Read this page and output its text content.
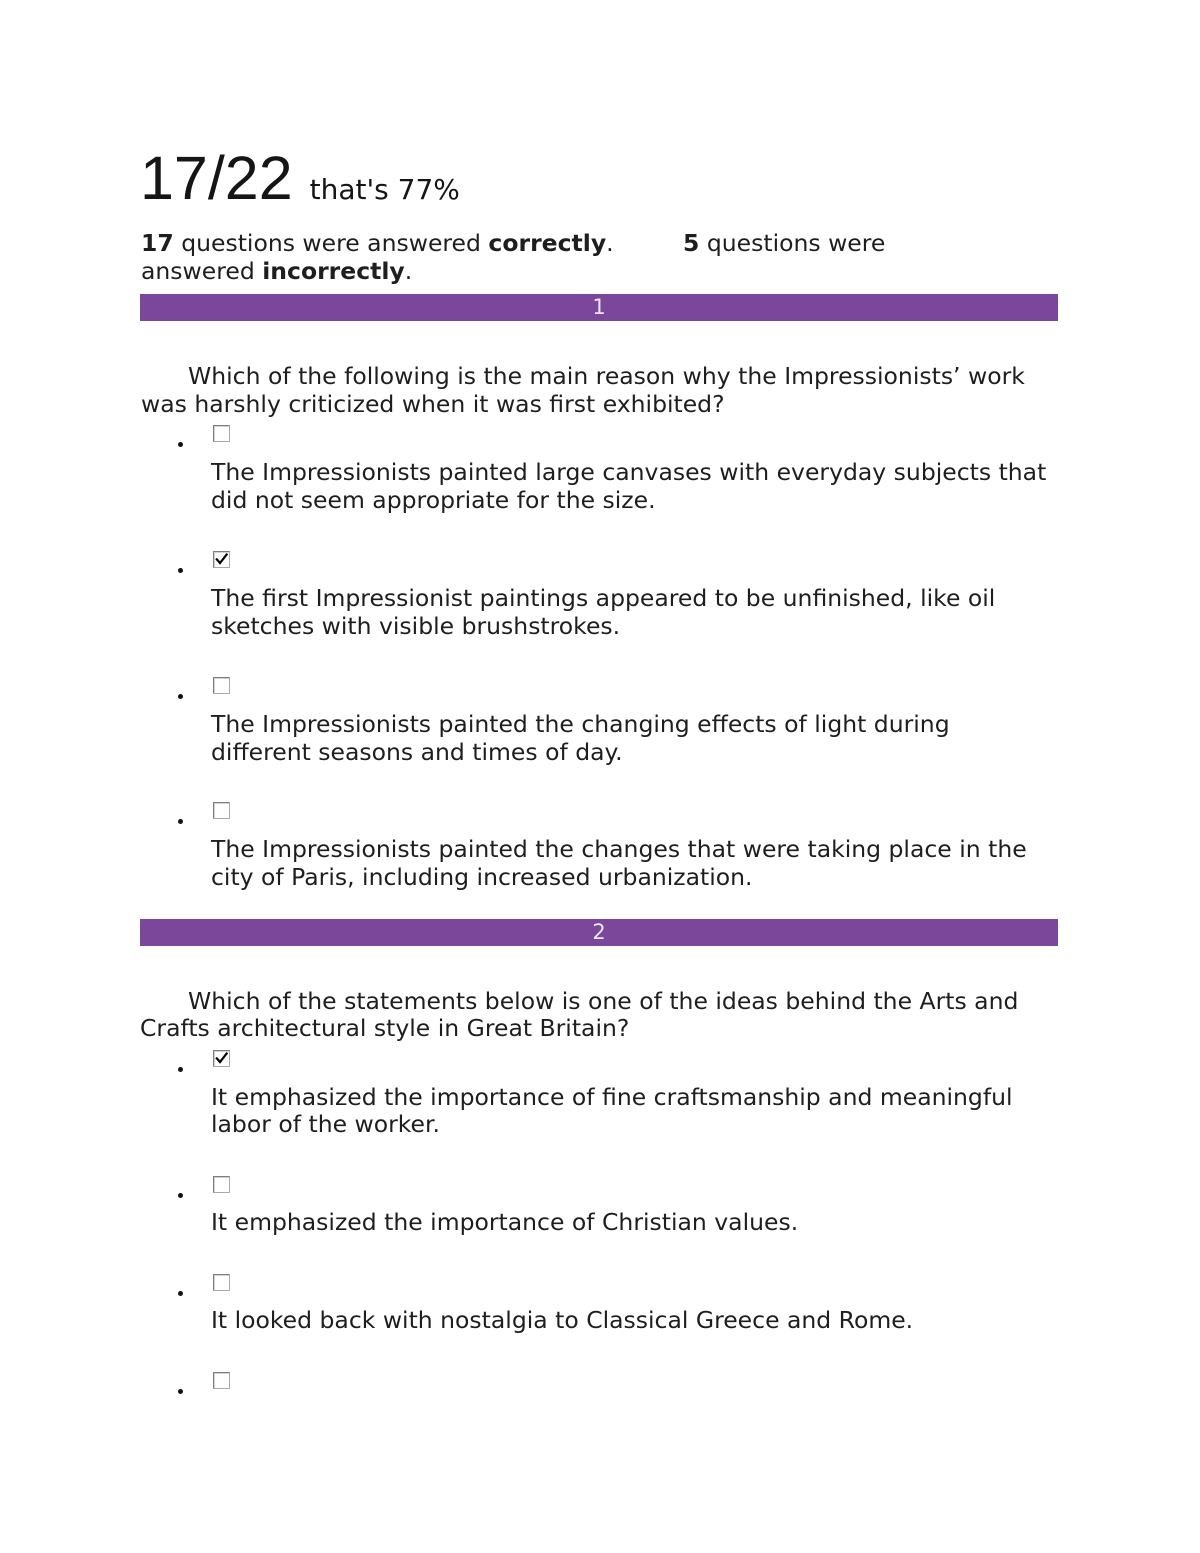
17/22 that's 77%
17 questions were answered correctly.	5 questions were
answered incorrectly.
1
Which of the following is the main reason why the Impressionists’ work
was harshly criticized when it was first exhibited?
The Impressionists painted large canvases with everyday subjects that
did not seem appropriate for the size.
The first Impressionist paintings appeared to be unfinished, like oil
sketches with visible brushstrokes.
The Impressionists painted the changing effects of light during
different seasons and times of day.
The Impressionists painted the changes that were taking place in the
city of Paris, including increased urbanization.
2
Which of the statements below is one of the ideas behind the Arts and
Crafts architectural style in Great Britain?
It emphasized the importance of fine craftsmanship and meaningful
labor of the worker.
It emphasized the importance of Christian values.
It looked back with nostalgia to Classical Greece and Rome.
